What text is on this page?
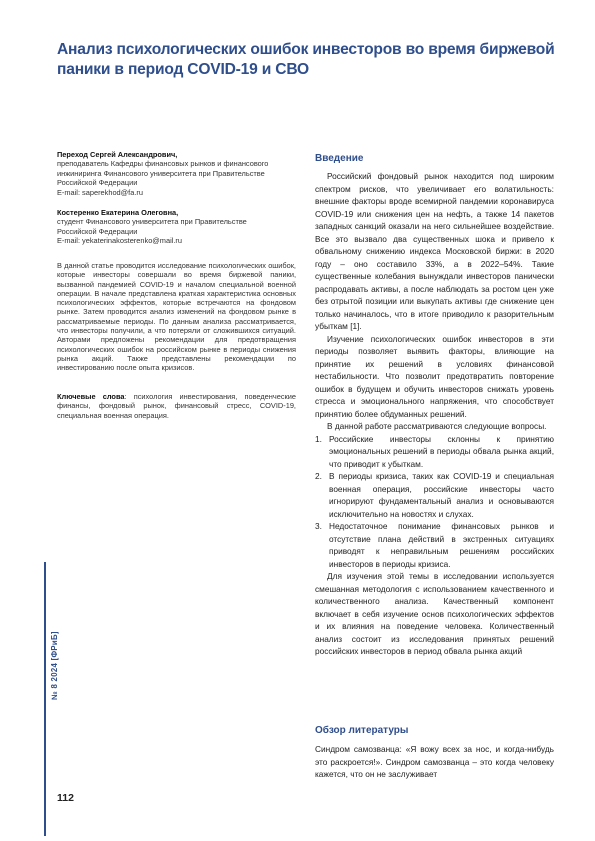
Анализ психологических ошибок инвесторов во время биржевой паники в период COVID-19 и СВО
Переход Сергей Александрович,
преподаватель Кафедры финансовых рынков и финансового
инжиниринга Финансового университета при Правительстве
Российской Федерации
E-mail: saperekhod@fa.ru
Костеренко Екатерина Олеговна,
студент Финансового университета при Правительстве
Российской Федерации
E-mail: yekaterinakosterenko@mail.ru

В данной статье проводится исследование психологических ошибок, которые инвесторы совершали во время биржевой паники, вызванной пандемией COVID-19 и началом специальной военной операции. В начале представлена краткая характеристика основных психологических эффектов, которые встречаются на фондовом рынке. Затем проводится анализ изменений на фондовом рынке в рассматриваемые периоды. По данным анализа рассматривается, что инвесторы получили, а что потеряли от сложившихся ситуаций. Авторами предложены рекомендации для предотвращения психологических ошибок на российском рынке в периоды снижения рынка акций. Также представлены рекомендации по инвестированию после опыта кризисов.

Ключевые слова: психология инвестирования, поведенческие финансы, фондовый рынок, финансовый стресс, COVID-19, специальная военная операция.

Введение

Российский фондовый рынок находится под широким спектром рисков, что увеличивает его волатильность: внешние факторы вроде всемирной пандемии коронавируса COVID-19 или снижения цен на нефть, а также 14 пакетов западных санкций оказали на него сильнейшее воздействие. Все это вызвало два существенных шока и привело к обвальному снижению индекса Московской биржи: в 2020 году – оно составило 33%, а в 2022–54%. Такие существенные колебания вынуждали инвесторов панически распродавать активы, а после наблюдать за ростом цен уже без отрытой позиции или выкупать активы где снижение цен только начиналось, что в итоге приводило к разорительным убыткам [1].

Изучение психологических ошибок инвесторов в эти периоды позволяет выявить факторы, влияющие на принятие их решений в условиях финансовой нестабильности. Что позволит предотвратить повторение ошибок в будущем и обучить инвесторов снижать уровень стресса и эмоционального напряжения, что способствует принятию более обдуманных решений.

В данной работе рассматриваются следующие вопросы.

1. Российские инвесторы склонны к принятию эмоциональных решений в периоды обвала рынка акций, что приводит к убыткам.
2. В периоды кризиса, таких как COVID-19 и специальная военная операция, российские инвесторы часто игнорируют фундаментальный анализ и основываются исключительно на новостях и слухах.
3. Недостаточное понимание финансовых рынков и отсутствие плана действий в экстренных ситуациях приводят к неправильным решениям российских инвесторов в периоды кризиса.

Для изучения этой темы в исследовании используется смешанная методология с использованием качественного и количественного анализа. Качественный компонент включает в себя изучение основ психологических эффектов и их влияния на поведение человека. Количественный анализ состоит из исследования принятых решений российских инвесторов в период обвала рынка акций

Обзор литературы

Синдром самозванца: «Я вожу всех за нос, и когда-нибудь это раскроется!». Синдром самозванца – это когда человеку кажется, что он не заслуживает

№ 8 2024 [ФРиБ]
112
